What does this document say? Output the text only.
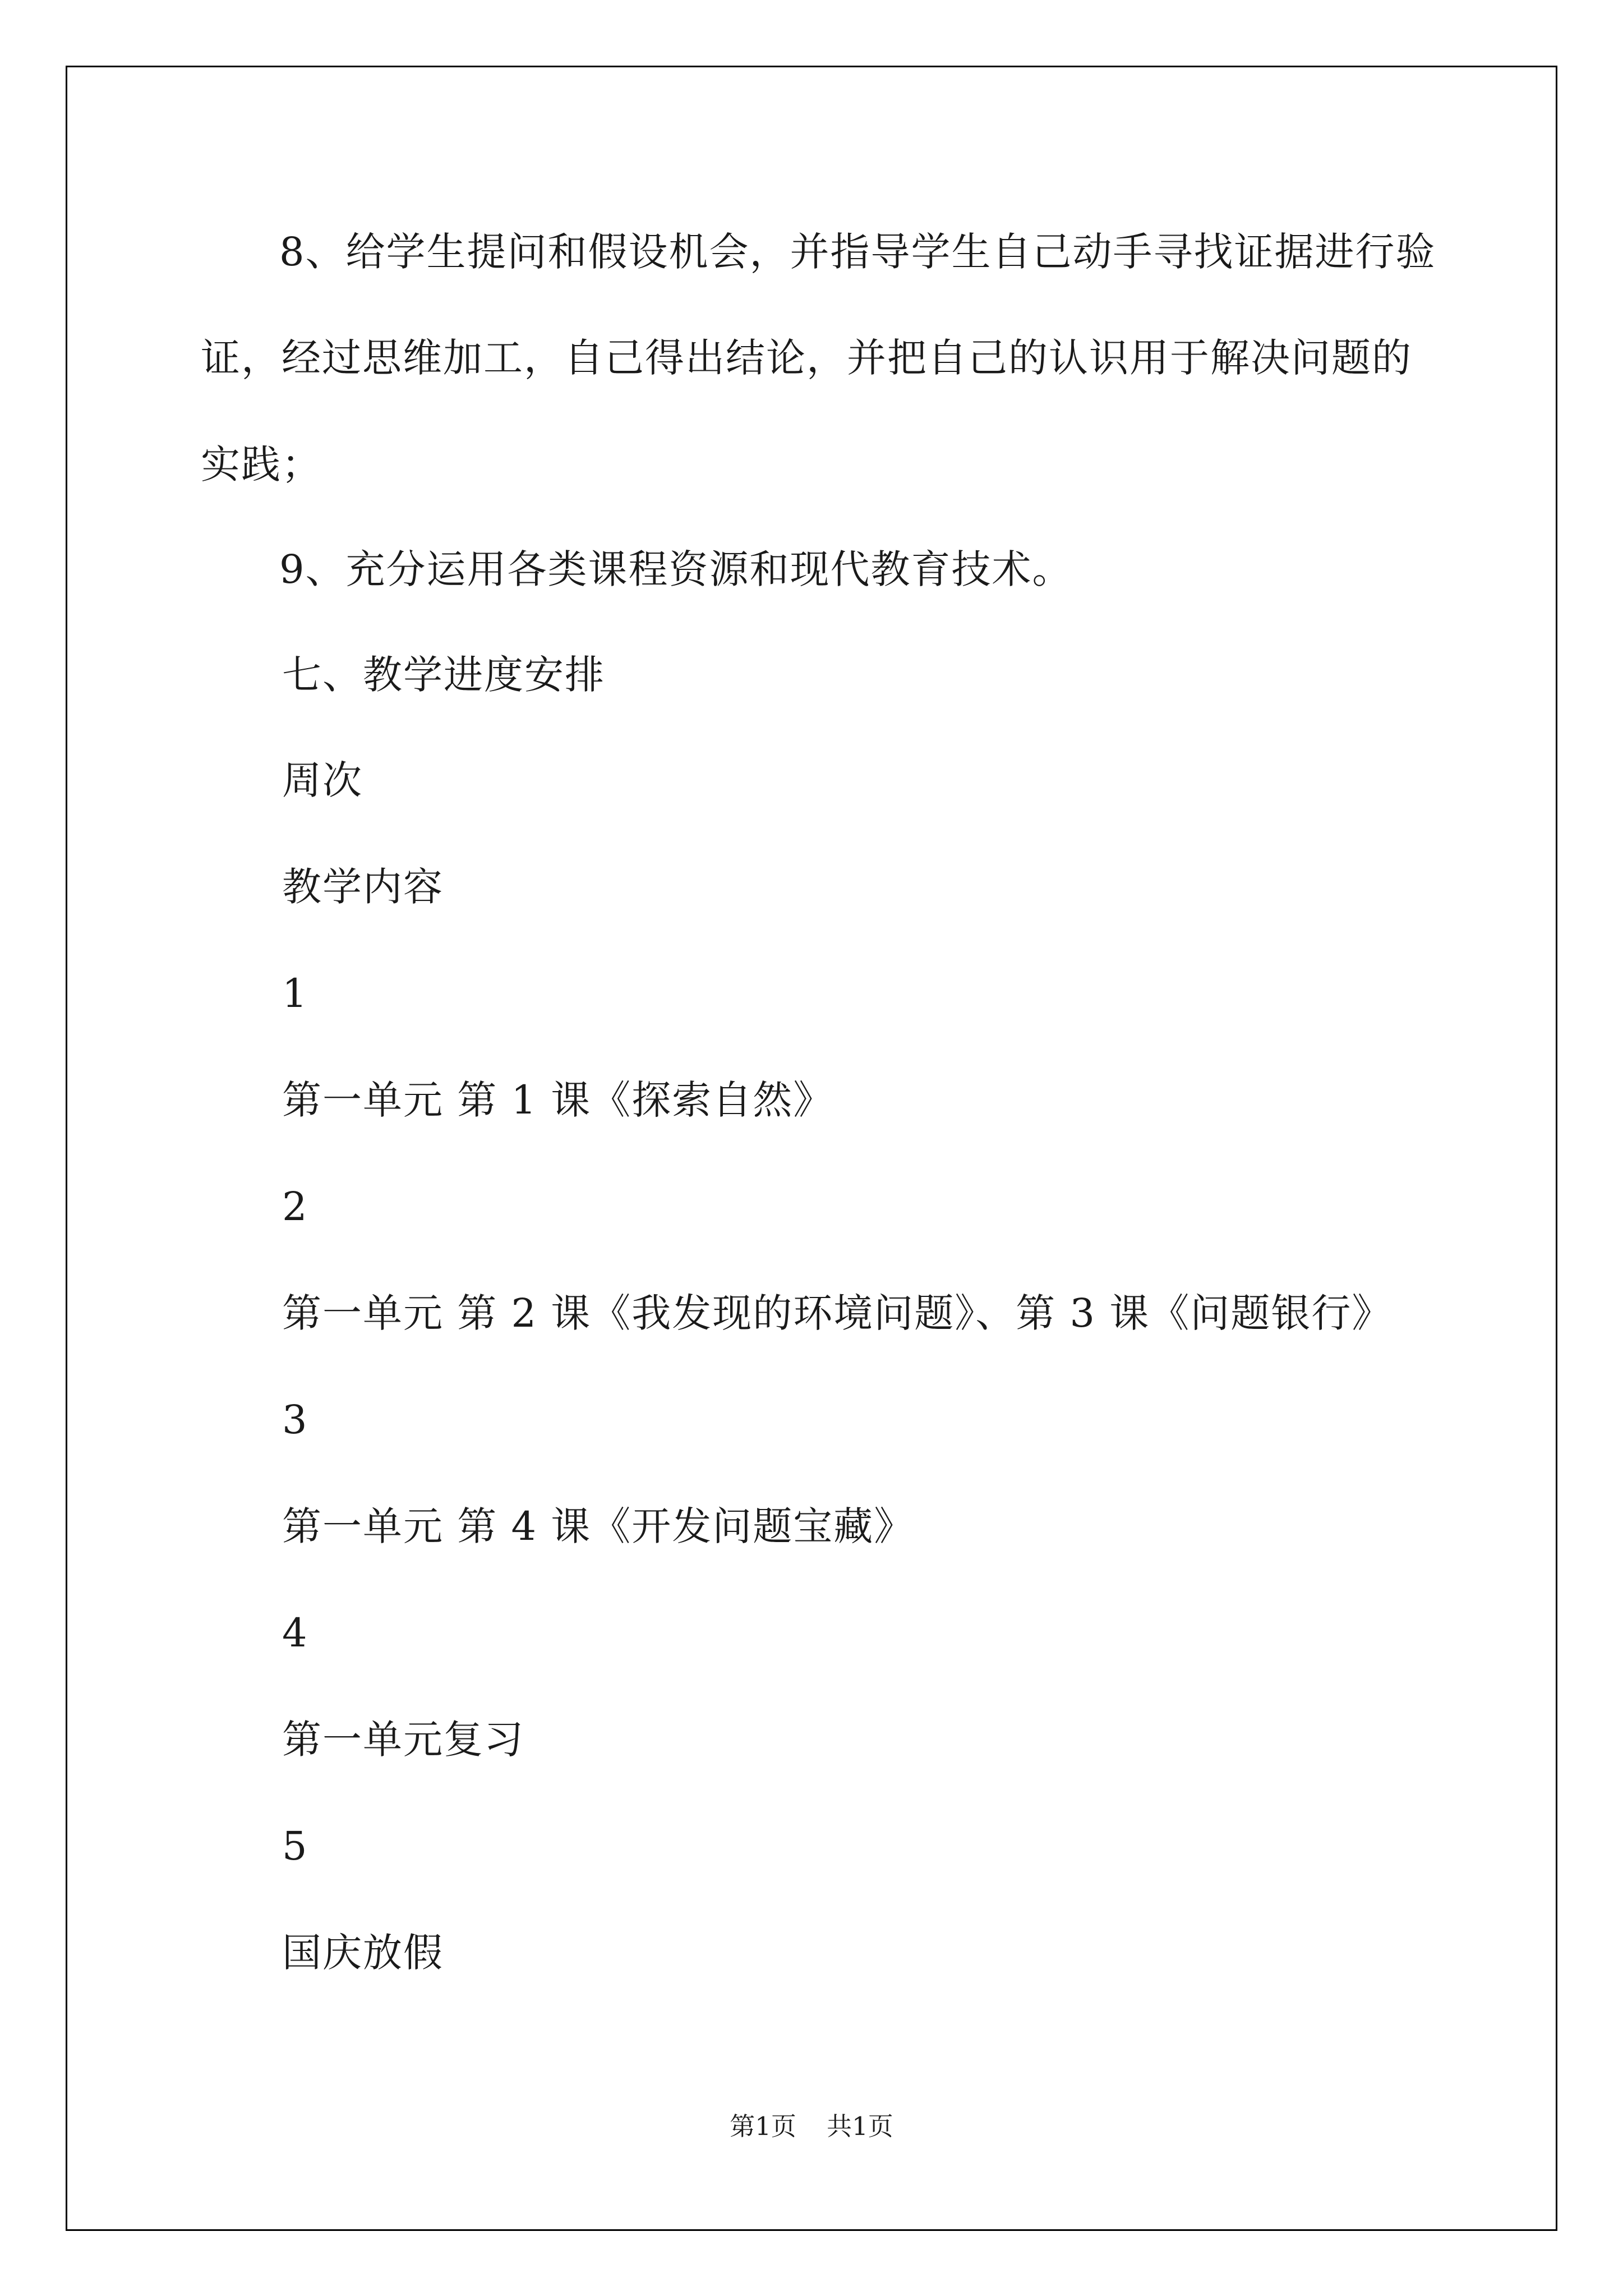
8、给学生提问和假设机会，并指导学生自己动手寻找证据进行验
证，经过思维加工，自己得出结论，并把自己的认识用于解决问题的
实践；
9、充分运用各类课程资源和现代教育技术。
七、教学进度安排
周次
教学内容
1
第一单元 第 1 课《探索自然》
2
第一单元 第 2 课《我发现的环境问题》、第 3 课《问题银行》
3
第一单元 第 4 课《开发问题宝藏》
4
第一单元复习
5
国庆放假
第1页 共1页
